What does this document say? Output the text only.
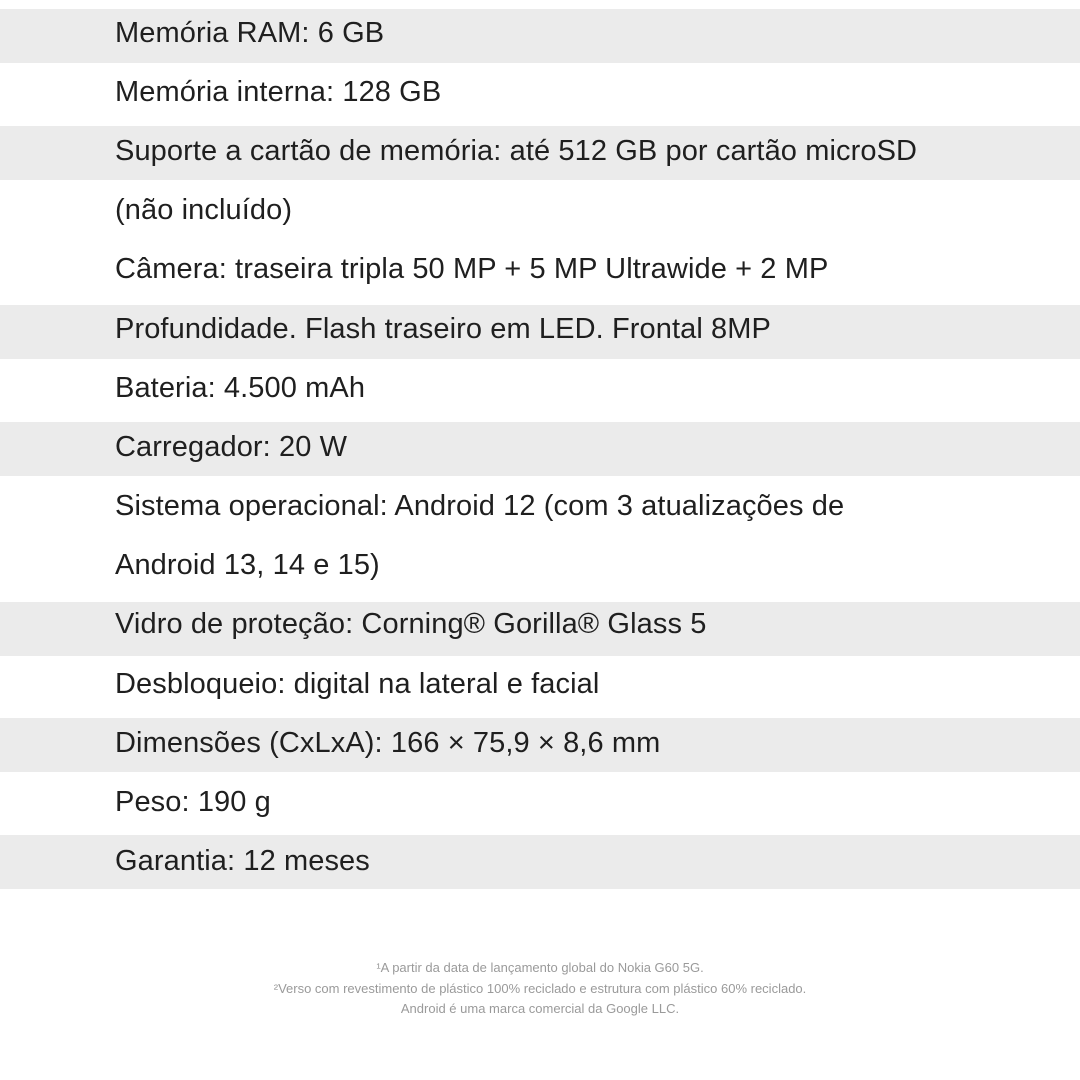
Memória RAM: 6 GB
Memória interna: 128 GB
Suporte a cartão de memória: até 512 GB por cartão microSD
(não incluído)
Câmera: traseira tripla 50 MP + 5 MP Ultrawide + 2 MP
Profundidade. Flash traseiro em LED. Frontal 8MP
Bateria: 4.500 mAh
Carregador: 20 W
Sistema operacional: Android 12 (com 3 atualizações de
Android 13, 14 e 15)
Vidro de proteção: Corning® Gorilla® Glass 5
Desbloqueio: digital na lateral e facial
Dimensões (CxLxA): 166 × 75,9 × 8,6 mm
Peso: 190 g
Garantia: 12 meses
¹A partir da data de lançamento global do Nokia G60 5G.
²Verso com revestimento de plástico 100% reciclado e estrutura com plástico 60% reciclado.
Android é uma marca comercial da Google LLC.
